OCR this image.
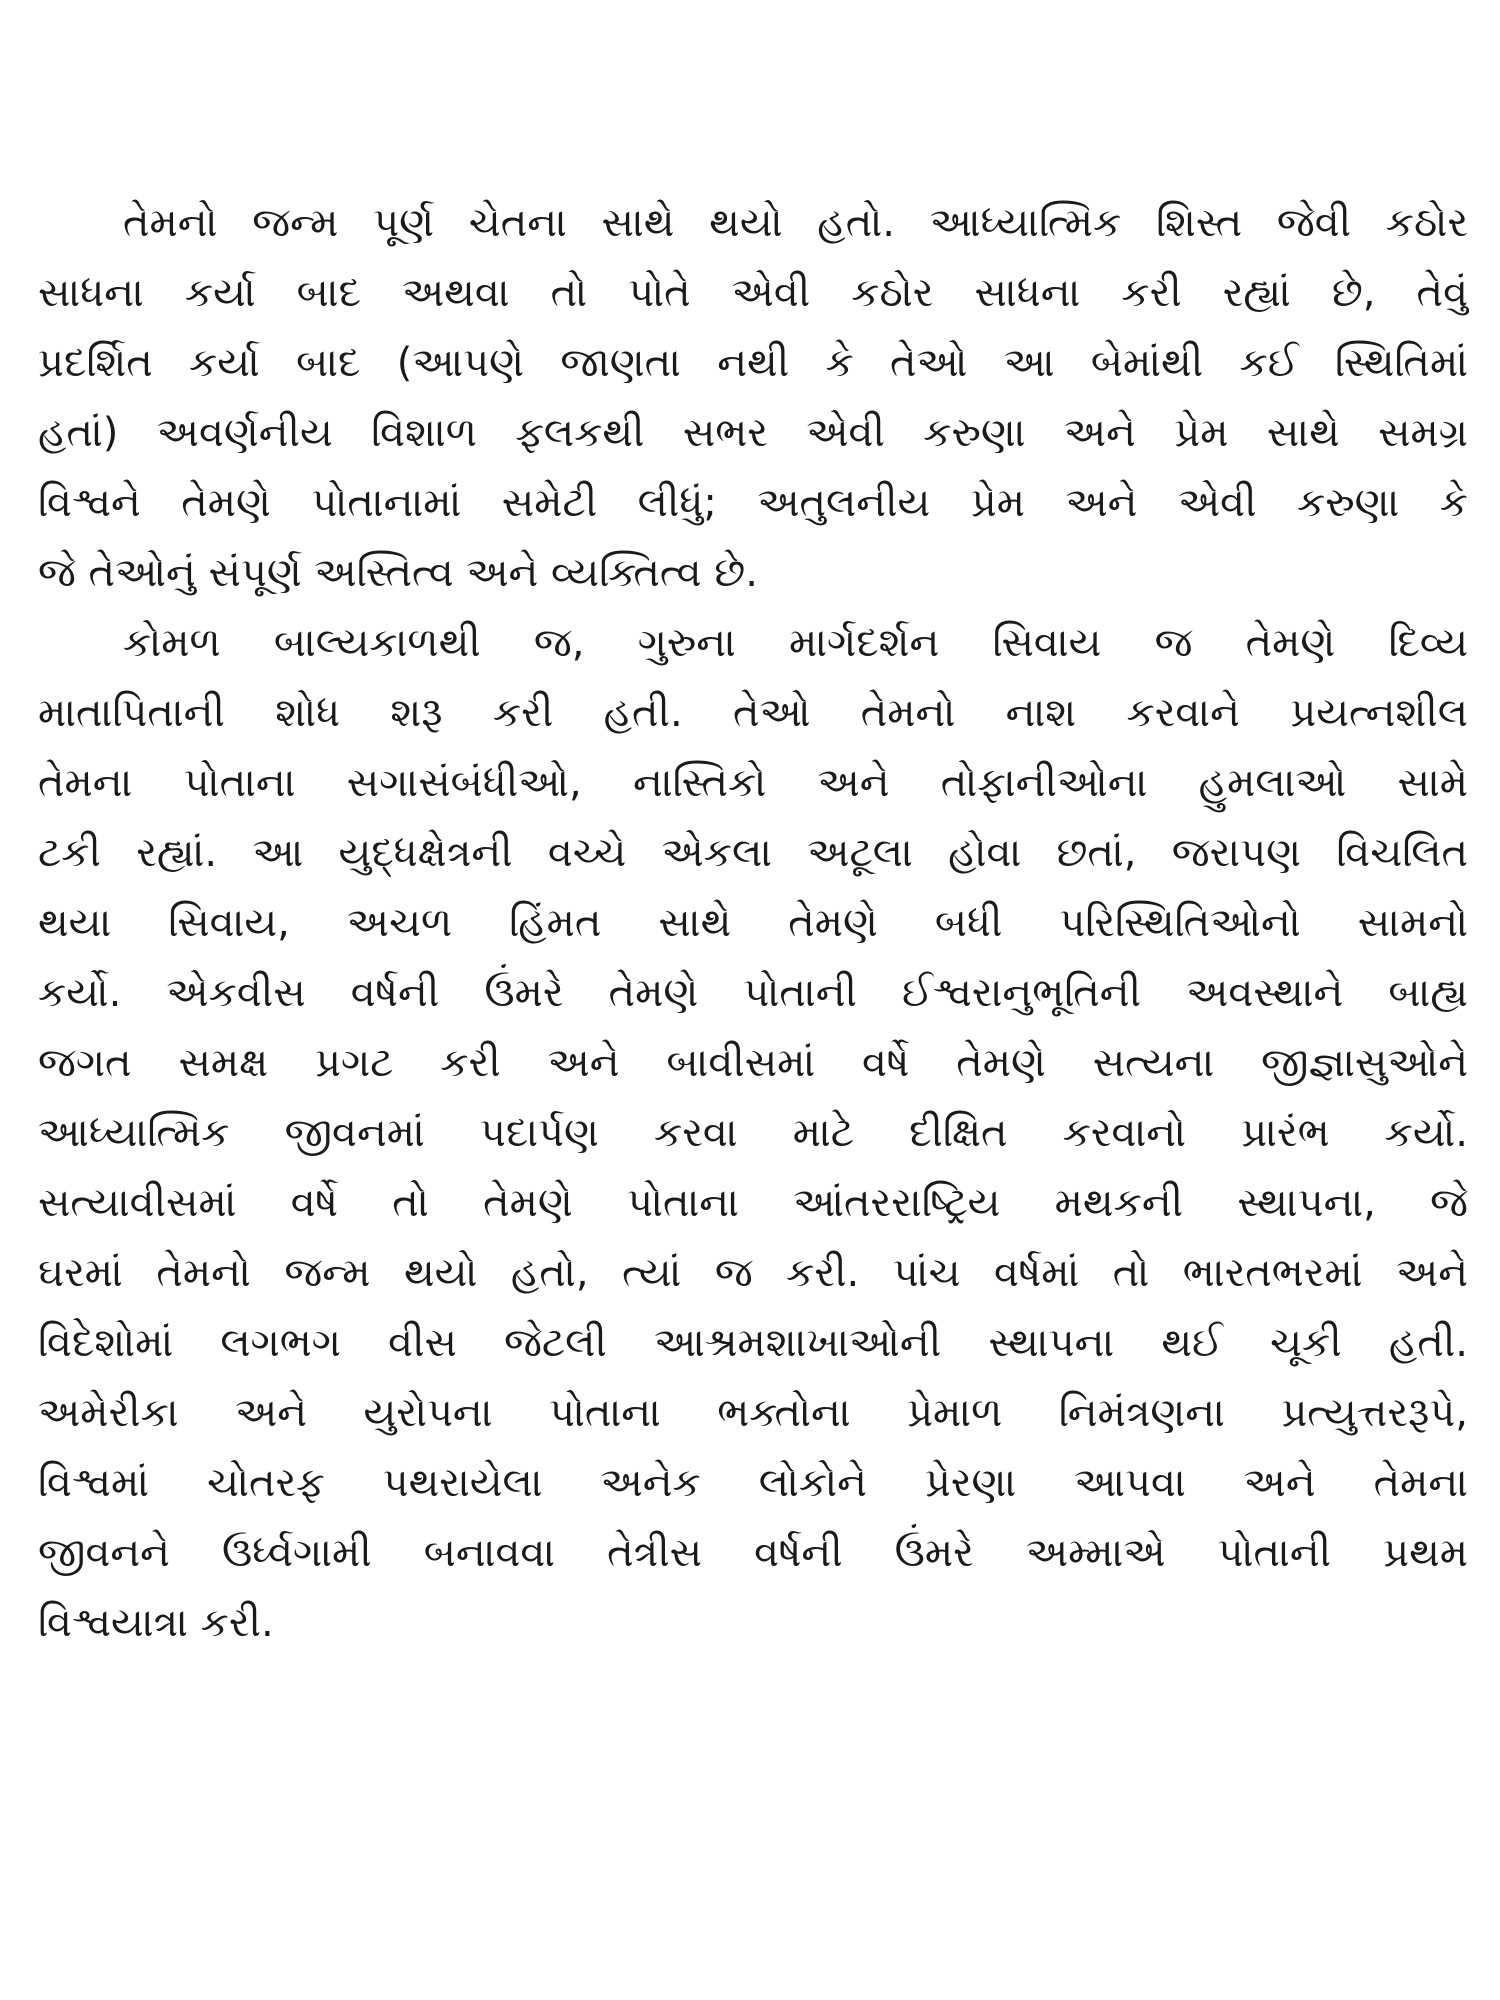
તેમનો જન્મ પૂર્ણ ચેતના સાથે થયો હતો. આધ્યાત્મિક શિસ્ત જેવી કઠોર
સાધના કર્યા બાદ અથવા તો પોતે એવી કઠોર સાધના કરી રહ્યાં છે, તેવું
પ્રદર્શિત કર્યા બાદ (આપણે જાણતા નથી કે તેઓ આ બેમાંથી કઈ સ્થિતિમાં
હતાં) અવર્ણનીય વિશાળ ફલકથી સભર એવી કરુણા અને પ્રેમ સાથે સમગ્ર
વિશ્વને તેમણે પોતાનામાં સમેટી લીધું; અતુલનીય પ્રેમ અને એવી કરુણા કે
જે તેઓનું સંપૂર્ણ અસ્તિત્વ અને વ્યક્તિત્વ છે.
કોમળ બાલ્યકાળથી જ, ગુરુના માર્ગદર્શન સિવાય જ તેમણે દિવ્ય
માતાપિતાની શોધ શરૂ કરી હતી. તેઓ તેમનો નાશ કરવાને પ્રયત્નશીલ
તેમના પોતાના સગાસંબંધીઓ, નાસ્તિકો અને તોફાનીઓના હુમલાઓ સામે
ટકી રહ્યાં. આ યુદ્ધક્ષેત્રની વચ્ચે એકલા અટૂલા હોવા છતાં, જરાપણ વિચલિત
થયા સિવાય, અચળ હિંમત સાથે તેમણે બધી પરિસ્થિતિઓનો સામનો
કર્યો. એકવીસ વર્ષની ઉંમરે તેમણે પોતાની ઈશ્વરાનુભૂતિની અવસ્થાને બાહ્ય
જગત સમક્ષ પ્રગટ કરી અને બાવીસમાં વર્ષે તેમણે સત્યના જીજ્ઞાસુઓને
આધ્યાત્મિક જીવનમાં પદાર્પણ કરવા માટે દીક્ષિત કરવાનો પ્રારંભ કર્યો.
સત્યાવીસમાં વર્ષે તો તેમણે પોતાના આંતરરાષ્ટ્રિય મથકની સ્થાપના, જે
ઘરમાં તેમનો જન્મ થયો હતો, ત્યાં જ કરી. પાંચ વર્ષમાં તો ભારતભરમાં અને
વિદેશોમાં લગભગ વીસ જેટલી આશ્રમશાખાઓની સ્થાપના થઈ ચૂકી હતી.
અમેરીકા અને યુરોપના પોતાના ભક્તોના પ્રેમાળ નિમંત્રણના પ્રત્યુત્તરરૂપે,
વિશ્વમાં ચોતરફ પથરાયેલા અનેક લોકોને પ્રેરણા આપવા અને તેમના
જીવનને ઉર્ધ્વગામી બનાવવા તેત્રીસ વર્ષની ઉંમરે અમ્માએ પોતાની પ્રથમ
વિશ્વયાત્રા કરી.
